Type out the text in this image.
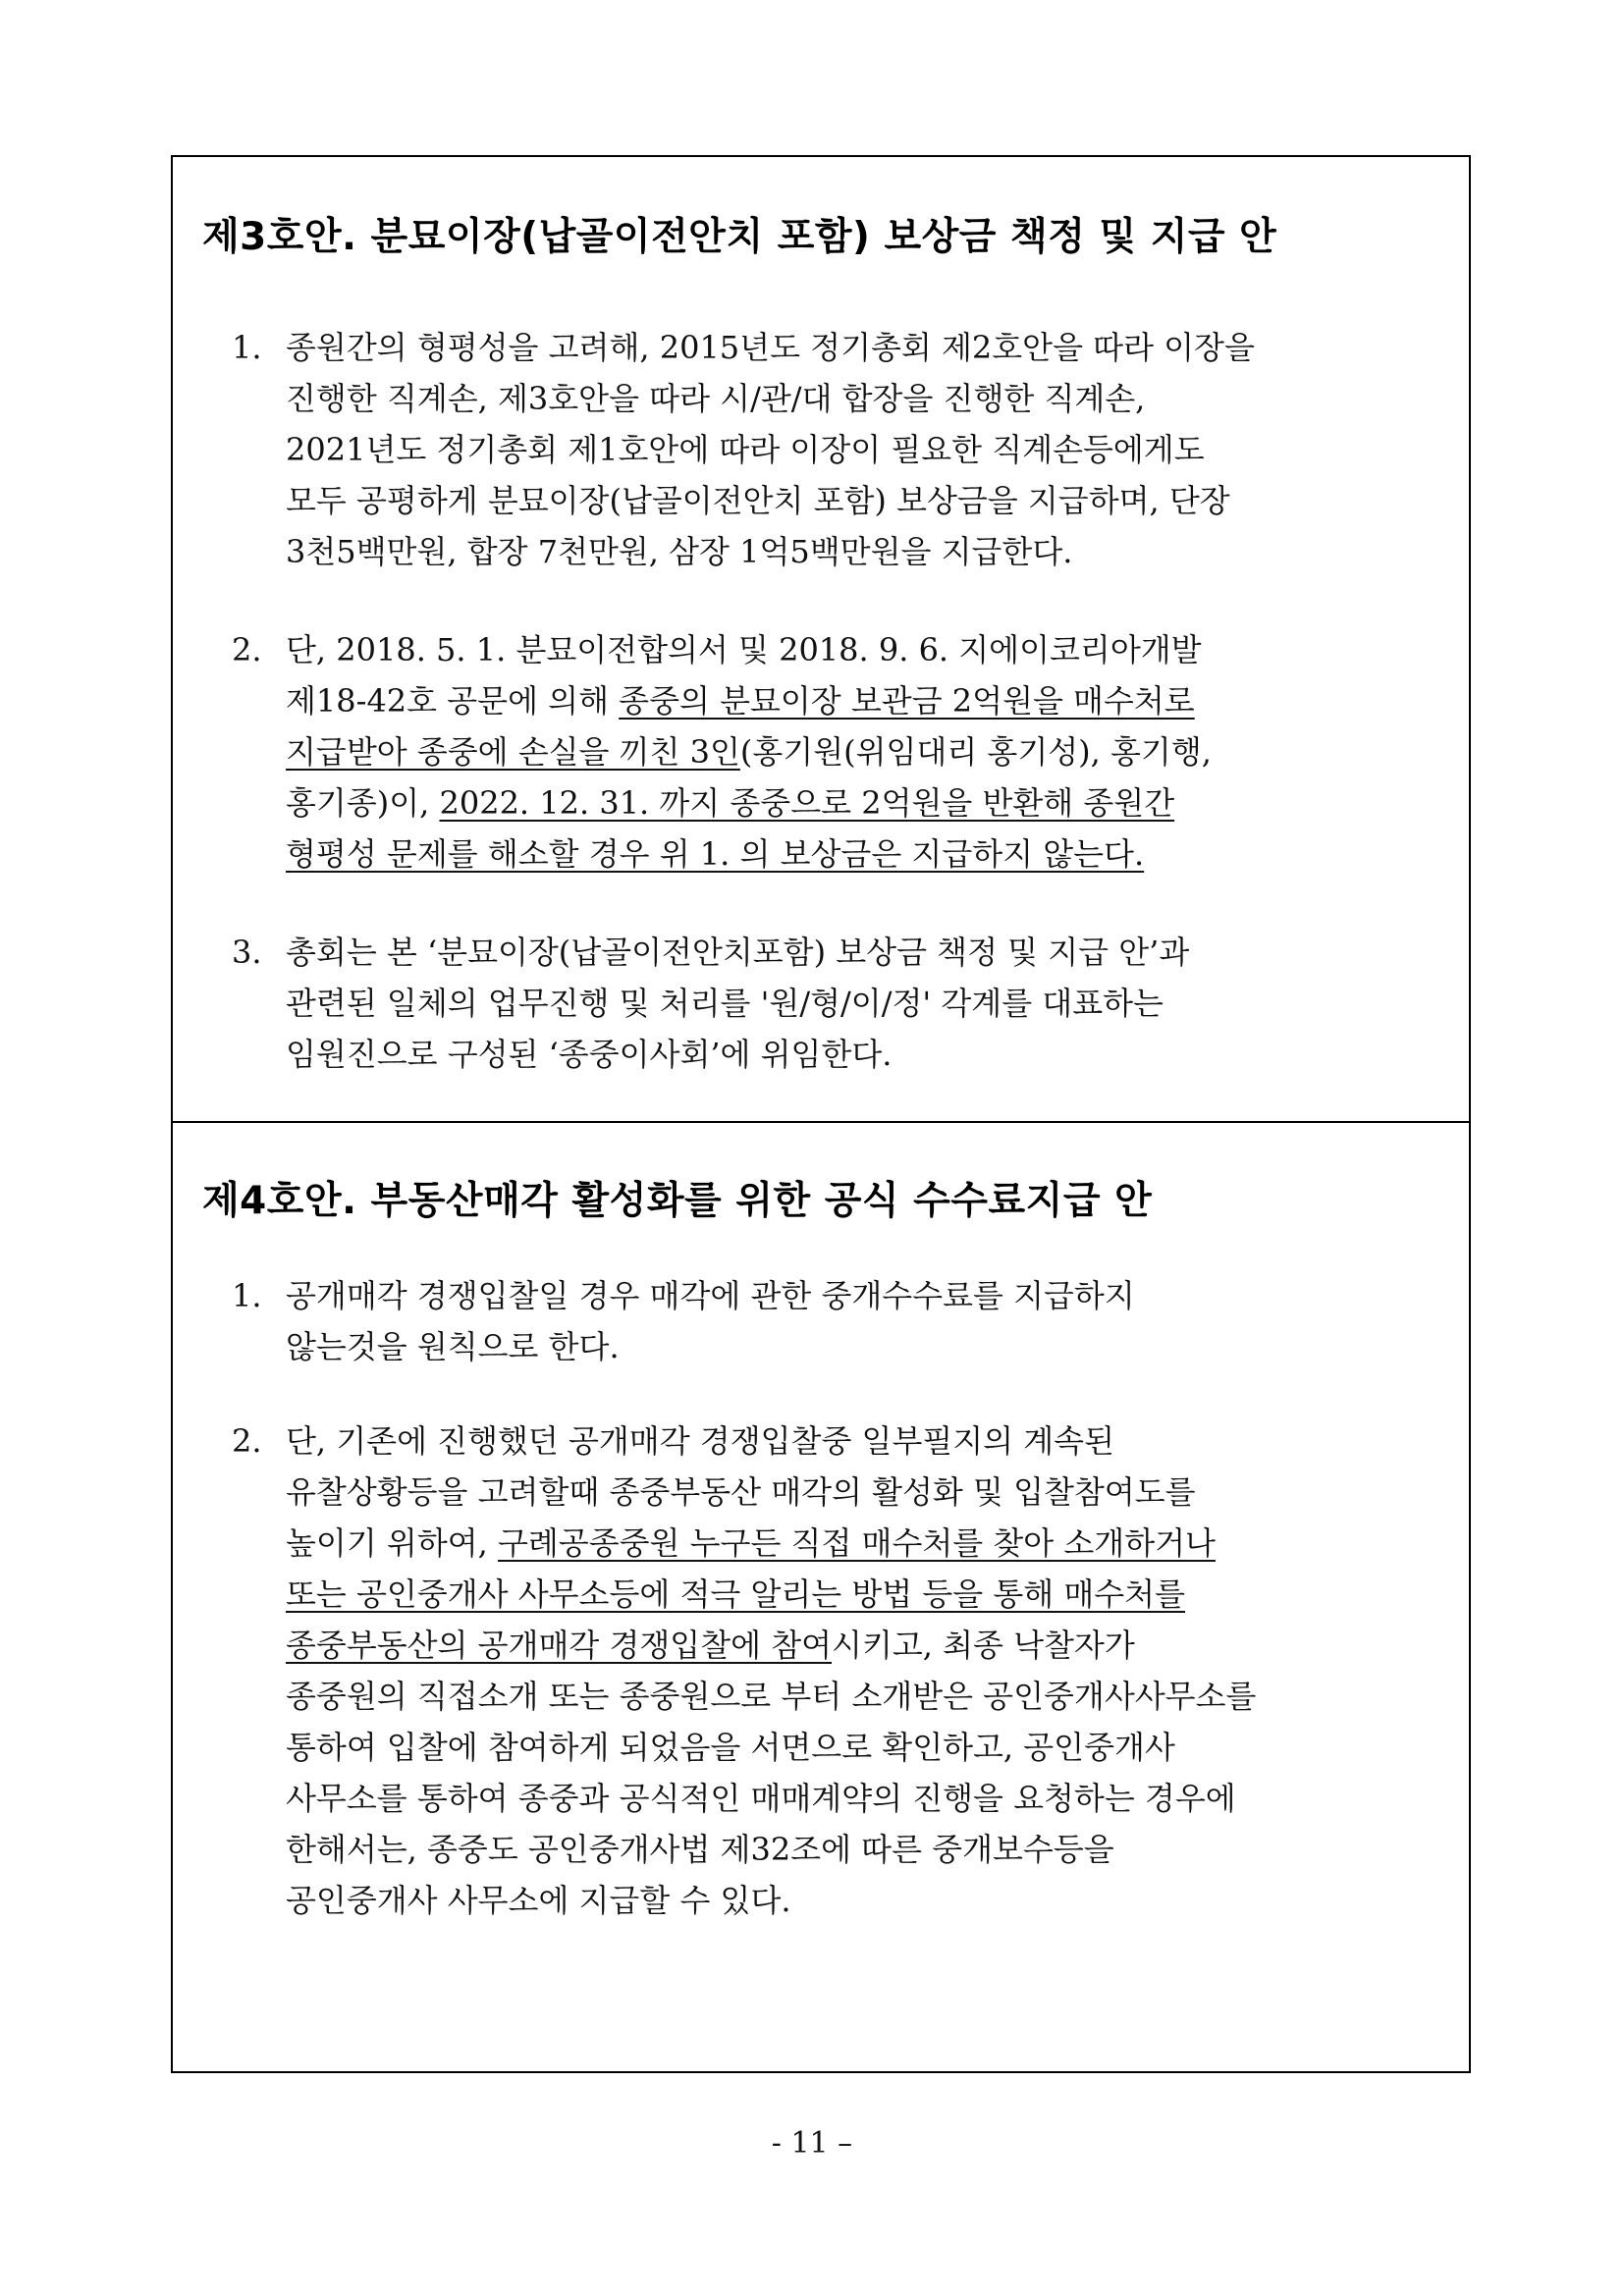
제3호안. 분묘이장(납골이전안치 포함) 보상금 책정 및 지급 안
1. 종원간의 형평성을 고려해, 2015년도 정기총회 제2호안을 따라 이장을
진행한 직계손, 제3호안을 따라 시/관/대 합장을 진행한 직계손,
2021년도 정기총회 제1호안에 따라 이장이 필요한 직계손등에게도
모두 공평하게 분묘이장(납골이전안치 포함) 보상금을 지급하며, 단장
3천5백만원, 합장 7천만원, 삼장 1억5백만원을 지급한다.
2. 단, 2018. 5. 1. 분묘이전합의서 및 2018. 9. 6. 지에이코리아개발
제18-42호 공문에 의해 종중의 분묘이장 보관금 2억원을 매수처로
지급받아 종중에 손실을 끼친 3인(홍기원(위임대리 홍기성), 홍기행,
홍기종)이, 2022. 12. 31. 까지 종중으로 2억원을 반환해 종원간
형평성 문제를 해소할 경우 위 1. 의 보상금은 지급하지 않는다.
3. 총회는 본 ‘분묘이장(납골이전안치포함) 보상금 책정 및 지급 안’과
관련된 일체의 업무진행 및 처리를 '원/형/이/정' 각계를 대표하는
임원진으로 구성된 ‘종중이사회’에 위임한다.
제4호안. 부동산매각 활성화를 위한 공식 수수료지급 안
1. 공개매각 경쟁입찰일 경우 매각에 관한 중개수수료를 지급하지
않는것을 원칙으로 한다.
2. 단, 기존에 진행했던 공개매각 경쟁입찰중 일부필지의 계속된
유찰상황등을 고려할때 종중부동산 매각의 활성화 및 입찰참여도를
높이기 위하여, 구례공종중원 누구든 직접 매수처를 찾아 소개하거나
또는 공인중개사 사무소등에 적극 알리는 방법 등을 통해 매수처를
종중부동산의 공개매각 경쟁입찰에 참여시키고, 최종 낙찰자가
종중원의 직접소개 또는 종중원으로 부터 소개받은 공인중개사사무소를
통하여 입찰에 참여하게 되었음을 서면으로 확인하고, 공인중개사
사무소를 통하여 종중과 공식적인 매매계약의 진행을 요청하는 경우에
한해서는, 종중도 공인중개사법 제32조에 따른 중개보수등을
공인중개사 사무소에 지급할 수 있다.
- 11 –
